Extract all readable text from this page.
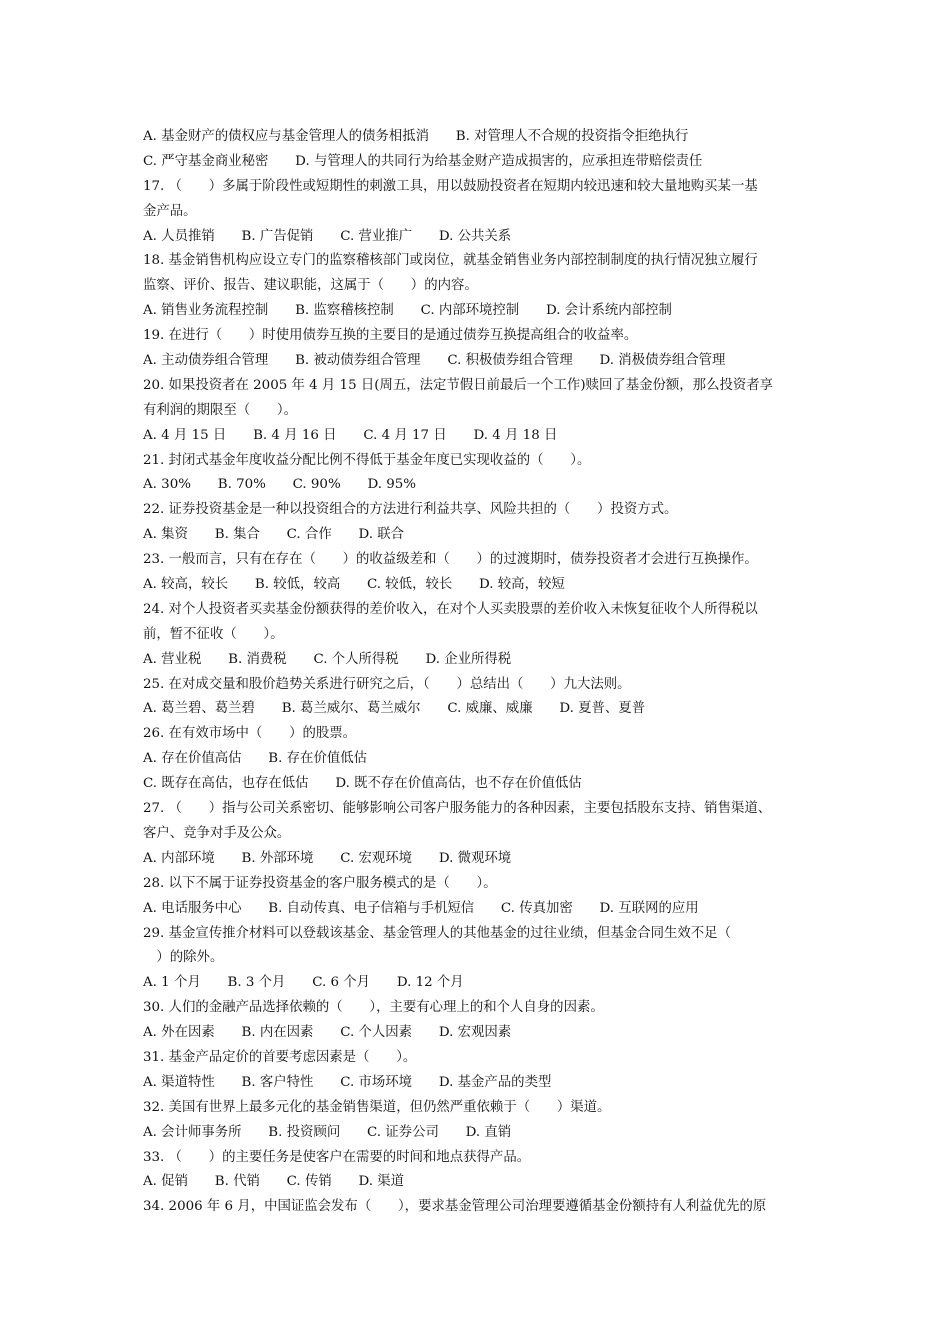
A. 基金财产的债权应与基金管理人的债务相抵消　　B. 对管理人不合规的投资指令拒绝执行
C. 严守基金商业秘密　　D. 与管理人的共同行为给基金财产造成损害的，应承担连带赔偿责任
17. （　　）多属于阶段性或短期性的刺激工具，用以鼓励投资者在短期内较迅速和较大量地购买某一基
金产品。
A. 人员推销　　B. 广告促销　　C. 营业推广　　D. 公共关系
18. 基金销售机构应设立专门的监察稽核部门或岗位，就基金销售业务内部控制制度的执行情况独立履行
监察、评价、报告、建议职能，这属于（　　）的内容。
A. 销售业务流程控制　　B. 监察稽核控制　　C. 内部环境控制　　D. 会计系统内部控制
19. 在进行（　　）时使用债券互换的主要目的是通过债券互换提高组合的收益率。
A. 主动债券组合管理　　B. 被动债券组合管理　　C. 积极债券组合管理　　D. 消极债券组合管理
20. 如果投资者在 2005 年 4 月 15 日(周五，法定节假日前最后一个工作)赎回了基金份额，那么投资者享
有利润的期限至（　　）。
A. 4 月 15 日　　B. 4 月 16 日　　C. 4 月 17 日　　D. 4 月 18 日
21. 封闭式基金年度收益分配比例不得低于基金年度已实现收益的（　　）。
A. 30%　　B. 70%　　C. 90%　　D. 95%
22. 证券投资基金是一种以投资组合的方法进行利益共享、风险共担的（　　）投资方式。
A. 集资　　B. 集合　　C. 合作　　D. 联合
23. 一般而言，只有在存在（　　）的收益级差和（　　）的过渡期时，债券投资者才会进行互换操作。
A. 较高，较长　　B. 较低，较高　　C. 较低，较长　　D. 较高，较短
24. 对个人投资者买卖基金份额获得的差价收入，在对个人买卖股票的差价收入未恢复征收个人所得税以
前，暂不征收（　　）。
A. 营业税　　B. 消费税　　C. 个人所得税　　D. 企业所得税
25. 在对成交量和股价趋势关系进行研究之后，（　　）总结出（　　）九大法则。
A. 葛兰碧、葛兰碧　　B. 葛兰威尔、葛兰威尔　　C. 威廉、威廉　　D. 夏普、夏普
26. 在有效市场中（　　）的股票。
A. 存在价值高估　　B. 存在价值低估
C. 既存在高估，也存在低估　　D. 既不存在价值高估，也不存在价值低估
27. （　　）指与公司关系密切、能够影响公司客户服务能力的各种因素，主要包括股东支持、销售渠道、
客户、竞争对手及公众。
A. 内部环境　　B. 外部环境　　C. 宏观环境　　D. 微观环境
28. 以下不属于证券投资基金的客户服务模式的是（　　）。
A. 电话服务中心　　B. 自动传真、电子信箱与手机短信　　C. 传真加密　　D. 互联网的应用
29. 基金宣传推介材料可以登载该基金、基金管理人的其他基金的过往业绩，但基金合同生效不足（
　）的除外。
A. 1 个月　　B. 3 个月　　C. 6 个月　　D. 12 个月
30. 人们的金融产品选择依赖的（　　），主要有心理上的和个人自身的因素。
A. 外在因素　　B. 内在因素　　C. 个人因素　　D. 宏观因素
31. 基金产品定价的首要考虑因素是（　　）。
A. 渠道特性　　B. 客户特性　　C. 市场环境　　D. 基金产品的类型
32. 美国有世界上最多元化的基金销售渠道，但仍然严重依赖于（　　）渠道。
A. 会计师事务所　　B. 投资顾问　　C. 证券公司　　D. 直销
33. （　　）的主要任务是使客户在需要的时间和地点获得产品。
A. 促销　　B. 代销　　C. 传销　　D. 渠道
34. 2006 年 6 月，中国证监会发布（　　），要求基金管理公司治理要遵循基金份额持有人利益优先的原
